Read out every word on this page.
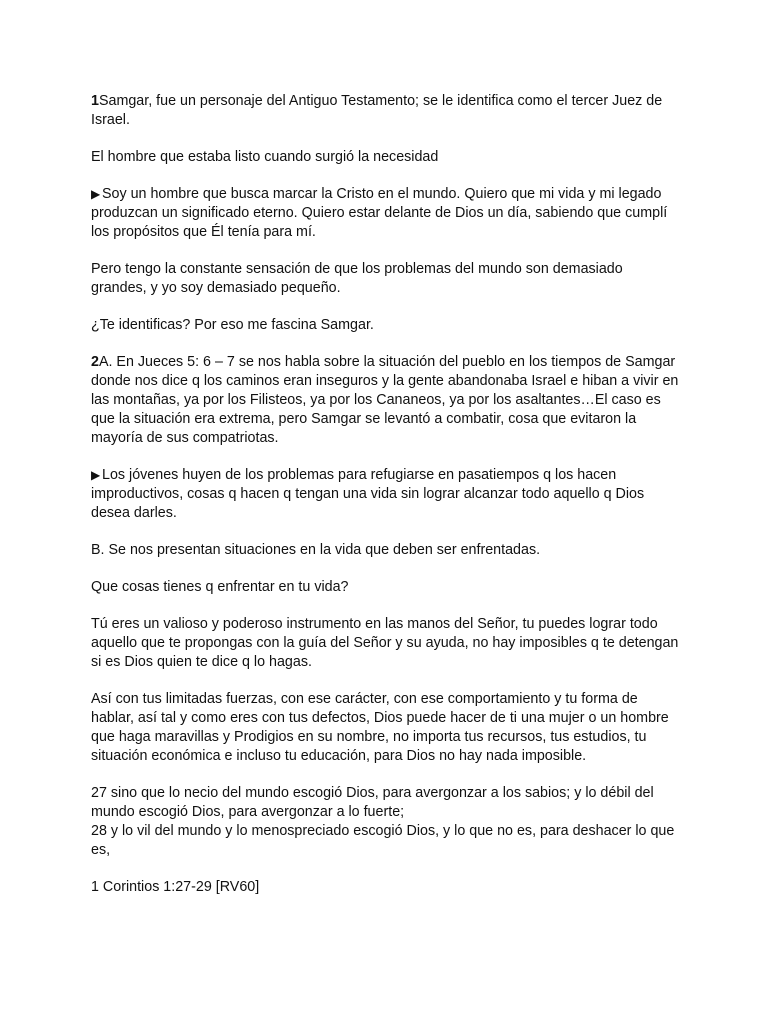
1Samgar, fue un personaje del Antiguo Testamento; se le identifica como el tercer Juez de Israel.

El hombre que estaba listo cuando surgió la necesidad

▶ Soy un hombre que busca marcar la Cristo en el mundo. Quiero que mi vida y mi legado produzcan un significado eterno. Quiero estar delante de Dios un día, sabiendo que cumplí los propósitos que Él tenía para mí.

Pero tengo la constante sensación de que los problemas del mundo son demasiado grandes, y yo soy demasiado pequeño.

¿Te identificas? Por eso me fascina Samgar.

2A. En Jueces 5: 6 – 7 se nos habla sobre la situación del pueblo en los tiempos de Samgar donde nos dice q los caminos eran inseguros y la gente abandonaba Israel e hiban a vivir en las montañas, ya por los Filisteos, ya por los Cananeos, ya por los asaltantes…El caso es que la situación era extrema, pero Samgar se levantó a combatir, cosa que evitaron la mayoría de sus compatriotas.

▶ Los jóvenes huyen de los problemas para refugiarse en pasatiempos q los hacen improductivos, cosas q hacen q tengan una vida sin lograr alcanzar todo aquello q Dios desea darles.

B. Se nos presentan situaciones en la vida que deben ser enfrentadas.

Que cosas tienes q enfrentar en tu vida?

Tú eres un valioso y poderoso instrumento en las manos del Señor, tu puedes lograr todo aquello que te propongas con la guía del Señor y su ayuda, no hay imposibles q te detengan si es Dios quien te dice q lo hagas.

Así con tus limitadas fuerzas, con ese carácter, con ese comportamiento y tu forma de hablar, así tal y como eres con tus defectos, Dios puede hacer de ti una mujer o un hombre que haga maravillas y Prodigios en su nombre, no importa tus recursos, tus estudios, tu situación económica e incluso tu educación, para Dios no hay nada imposible.

27 sino que lo necio del mundo escogió Dios, para avergonzar a los sabios; y lo débil del mundo escogió Dios, para avergonzar a lo fuerte;

28 y lo vil del mundo y lo menospreciado escogió Dios, y lo que no es, para deshacer lo que es,

1 Corintios 1:27-29 [RV60]
